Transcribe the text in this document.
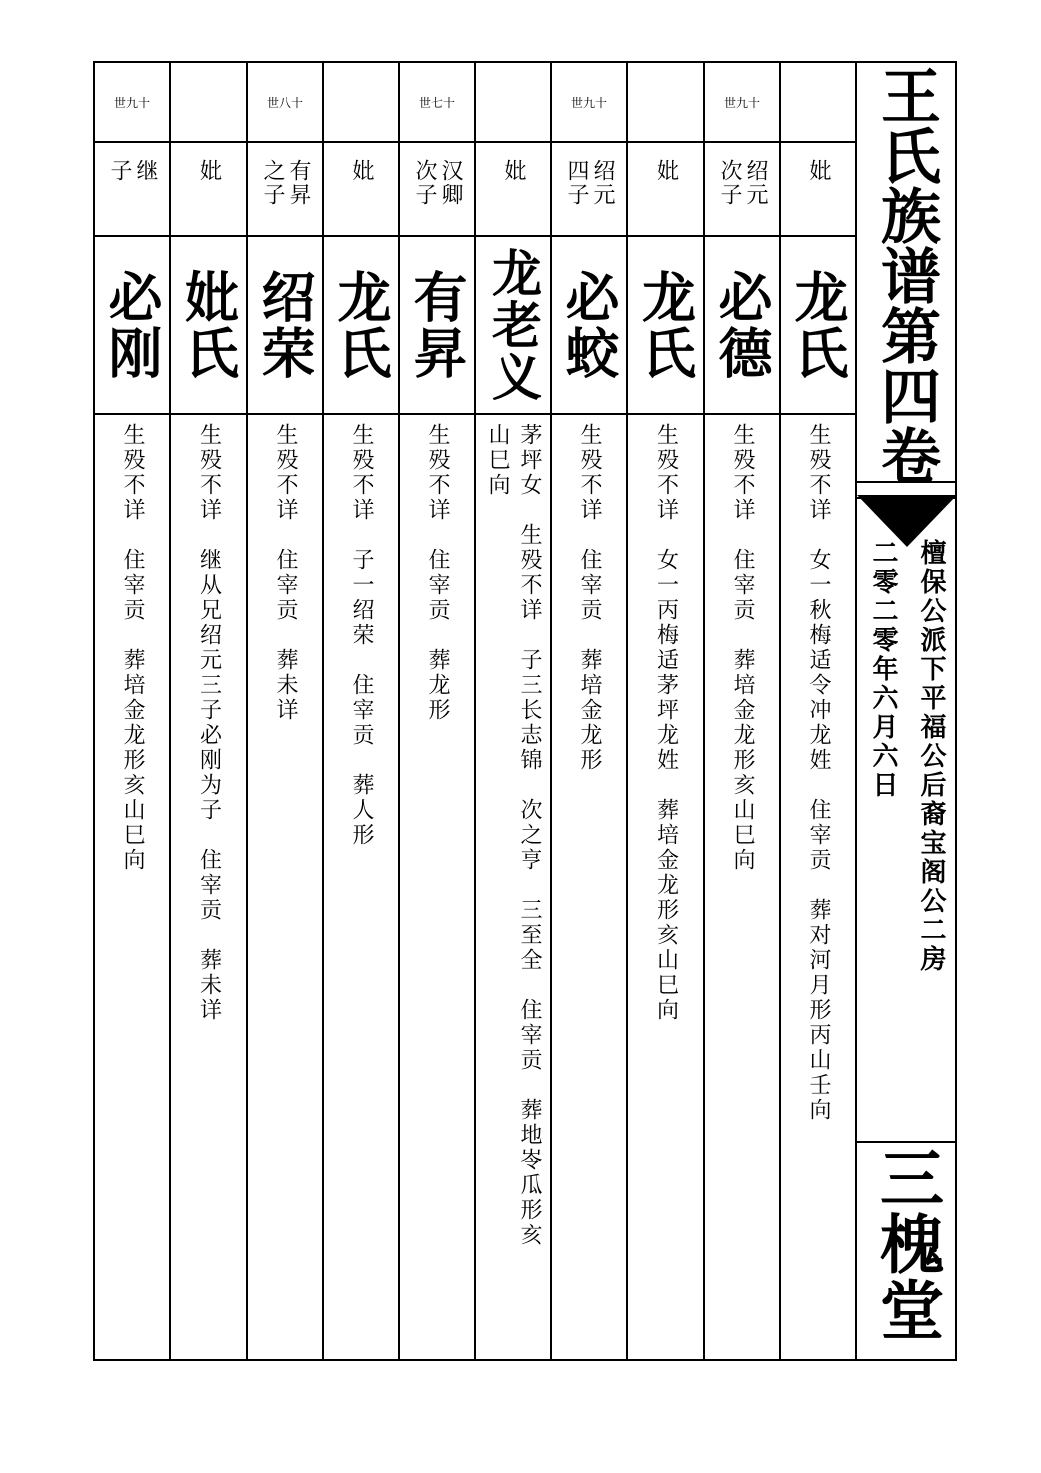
世九十
继
子
必刚
生殁不详　住宰贡　葬培金龙形亥山巳向
妣
妣氏
生殁不详　继从兄绍元三子必刚为子　住宰贡　葬未详
世八十
有昇
之子
绍荣
生殁不详　住宰贡　葬未详
妣
龙氏
生殁不详　子一绍荣　住宰贡　葬人形
世七十
汉卿
次子
有昇
生殁不详　住宰贡　葬龙形
妣
龙老义
茅坪女　生殁不详　子三长志锦　次之亨　三至全　住宰贡　葬地岺瓜形亥
山巳向
世九十
绍元
四子
必蛟
生殁不详　住宰贡　葬培金龙形
妣
龙氏
生殁不详　女一丙梅适茅坪龙姓　葬培金龙形亥山巳向
世九十
绍元
次子
必德
生殁不详　住宰贡　葬培金龙形亥山巳向
妣
龙氏
生殁不详　女一秋梅适令冲龙姓　住宰贡　葬对河月形丙山壬向
王氏族谱第四卷
檀保公派下平福公后裔宝阁公二房
二零二零年六月六日
三槐堂
